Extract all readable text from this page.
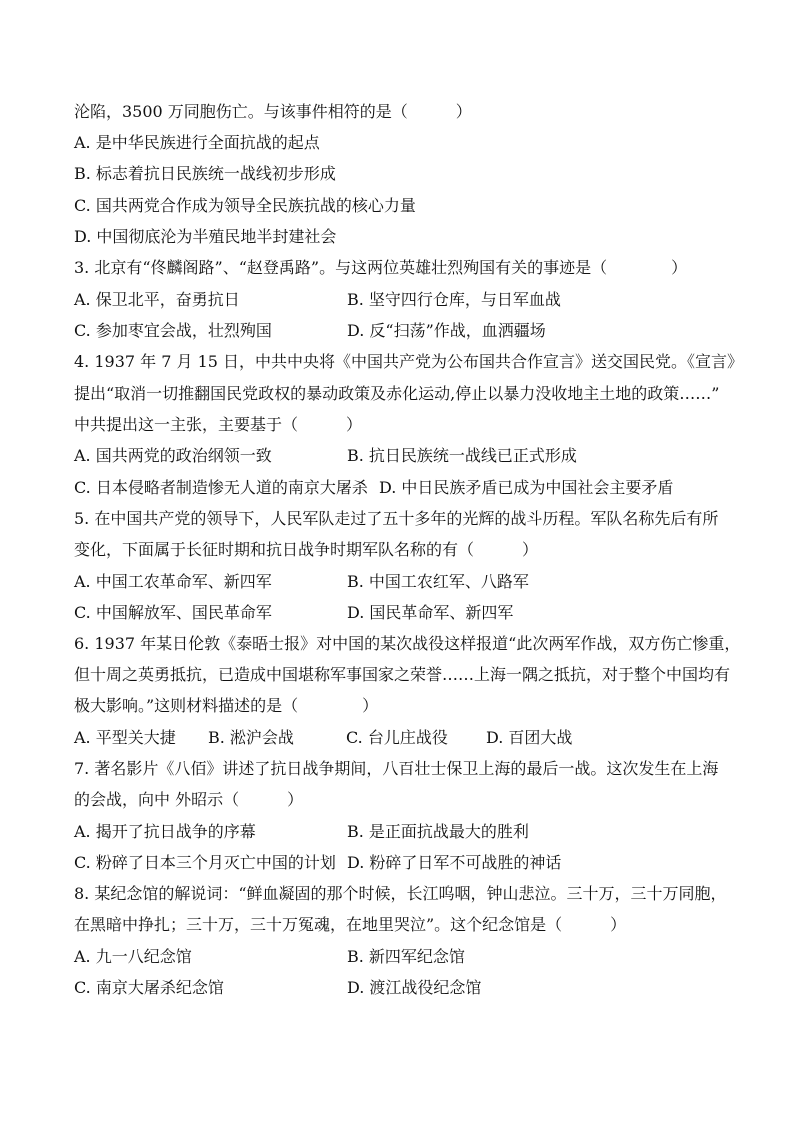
沦陷，3500 万同胞伤亡。与该事件相符的是（　　　）
A. 是中华民族进行全面抗战的起点
B. 标志着抗日民族统一战线初步形成
C. 国共两党合作成为领导全民族抗战的核心力量
D. 中国彻底沦为半殖民地半封建社会
3. 北京有“佟麟阁路”、“赵登禹路”。与这两位英雄壮烈殉国有关的事迹是（　　　　）
A. 保卫北平，奋勇抗日	B. 坚守四行仓库，与日军血战
C. 参加枣宜会战，壮烈殉国	D. 反“扫荡”作战，血洒疆场
4. 1937 年 7 月 15 日，中共中央将《中国共产党为公布国共合作宣言》送交国民党。《宣言》
提出“取消一切推翻国民党政权的暴动政策及赤化运动,停止以暴力没收地主土地的政策……”
中共提出这一主张，主要基于（　　　）
A. 国共两党的政治纲领一致	B. 抗日民族统一战线已正式形成
C. 日本侵略者制造惨无人道的南京大屠杀 D. 中日民族矛盾已成为中国社会主要矛盾
5. 在中国共产党的领导下，人民军队走过了五十多年的光辉的战斗历程。军队名称先后有所
变化，下面属于长征时期和抗日战争时期军队名称的有（　　　）
A. 中国工农革命军、新四军	B. 中国工农红军、八路军
C. 中国解放军、国民革命军	D. 国民革命军、新四军
6. 1937 年某日伦敦《泰晤士报》对中国的某次战役这样报道“此次两军作战，双方伤亡惨重，
但十周之英勇抵抗，已造成中国堪称军事国家之荣誉……上海一隅之抵抗，对于整个中国均有
极大影响。”这则材料描述的是（　　　　）
A. 平型关大捷 B. 淞沪会战	C. 台儿庄战役 D. 百团大战
7. 著名影片《八佰》讲述了抗日战争期间，八百壮士保卫上海的最后一战。这次发生在上海
的会战，向中 外昭示（　　　）
A. 揭开了抗日战争的序幕	B. 是正面抗战最大的胜利
C. 粉碎了日本三个月灭亡中国的计划 D. 粉碎了日军不可战胜的神话
8. 某纪念馆的解说词：“鲜血凝固的那个时候，长江呜咽，钟山悲泣。三十万，三十万同胞，
在黑暗中挣扎；三十万，三十万冤魂，在地里哭泣”。这个纪念馆是（　　　）
A. 九一八纪念馆	B. 新四军纪念馆
C. 南京大屠杀纪念馆	D. 渡江战役纪念馆
